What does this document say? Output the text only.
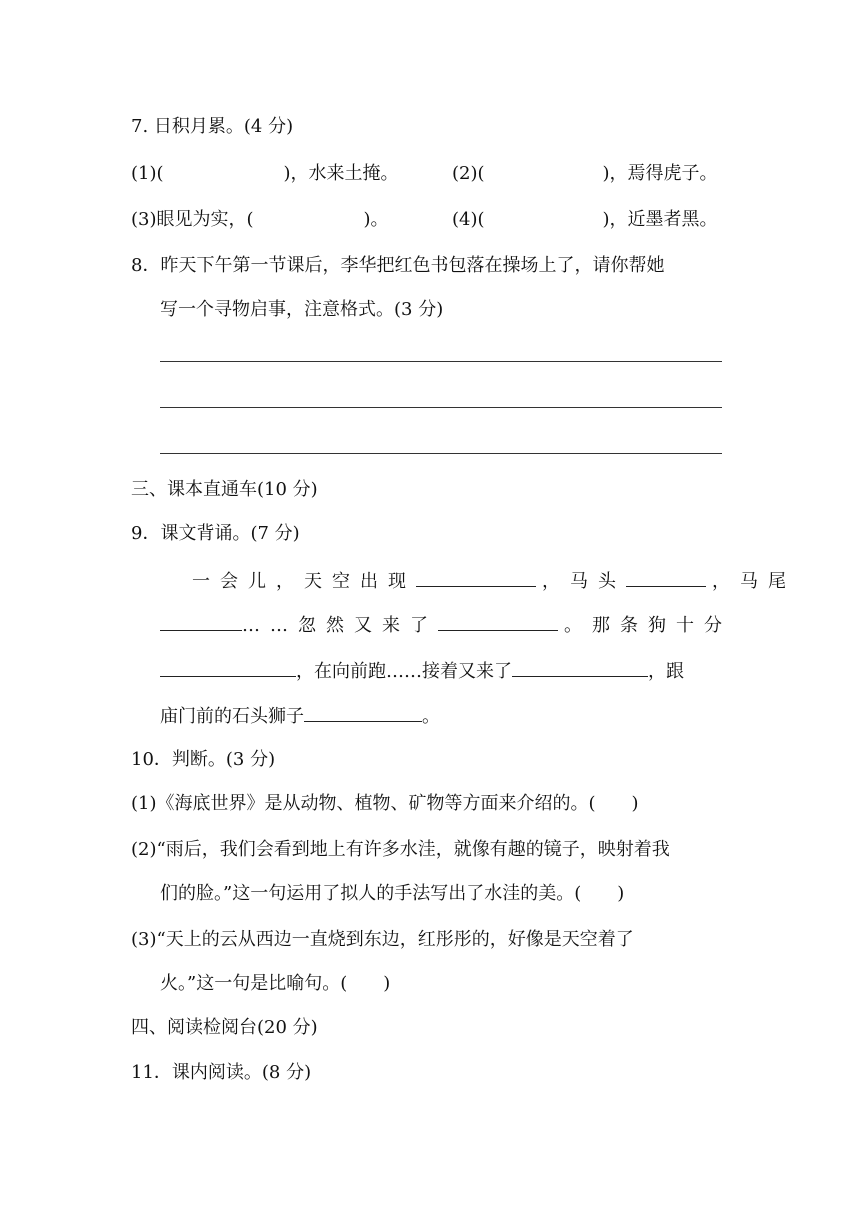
7. 日积月累。(4 分)
(1)(	)，水来土掩。	(2)(	)，焉得虎子。
(3)眼见为实，(	)。	(4)(	)，近墨者黑。
8．昨天下午第一节课后，李华把红色书包落在操场上了，请你帮她
写一个寻物启事，注意格式。(3 分)
三、课本直通车(10 分)
9．课文背诵。(7 分)
一会儿，天空出现	，马头	，马尾
……忽然又来了	。那条狗十分
，在向前跑……接着又来了	，跟
庙门前的石头狮子	。
10．判断。(3 分)
(1)《海底世界》是从动物、植物、矿物等方面来介绍的。(　　)
(2)“雨后，我们会看到地上有许多水洼，就像有趣的镜子，映射着我
们的脸。”这一句运用了拟人的手法写出了水洼的美。(　　)
(3)“天上的云从西边一直烧到东边，红彤彤的，好像是天空着了
火。”这一句是比喻句。(　　)
四、阅读检阅台(20 分)
11．课内阅读。(8 分)
